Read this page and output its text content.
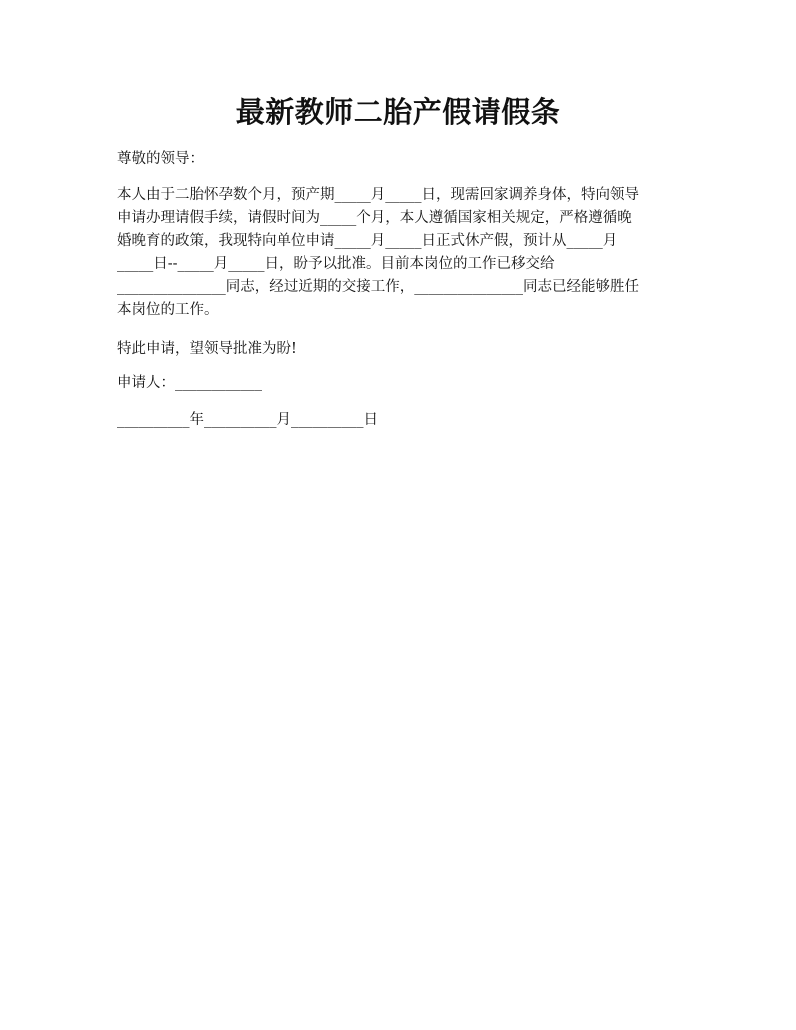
最新教师二胎产假请假条

尊敬的领导：

本人由于二胎怀孕数个月，预产期_____月_____日，现需回家调养身体，特向领导
申请办理请假手续，请假时间为_____个月，本人遵循国家相关规定，严格遵循晚
婚晚育的政策，我现特向单位申请_____月_____日正式休产假，预计从_____月
_____日--_____月_____日，盼予以批准。目前本岗位的工作已移交给
_______________同志，经过近期的交接工作，_______________同志已经能够胜任
本岗位的工作。

特此申请，望领导批准为盼!

申请人：____________

__________年__________月__________日
